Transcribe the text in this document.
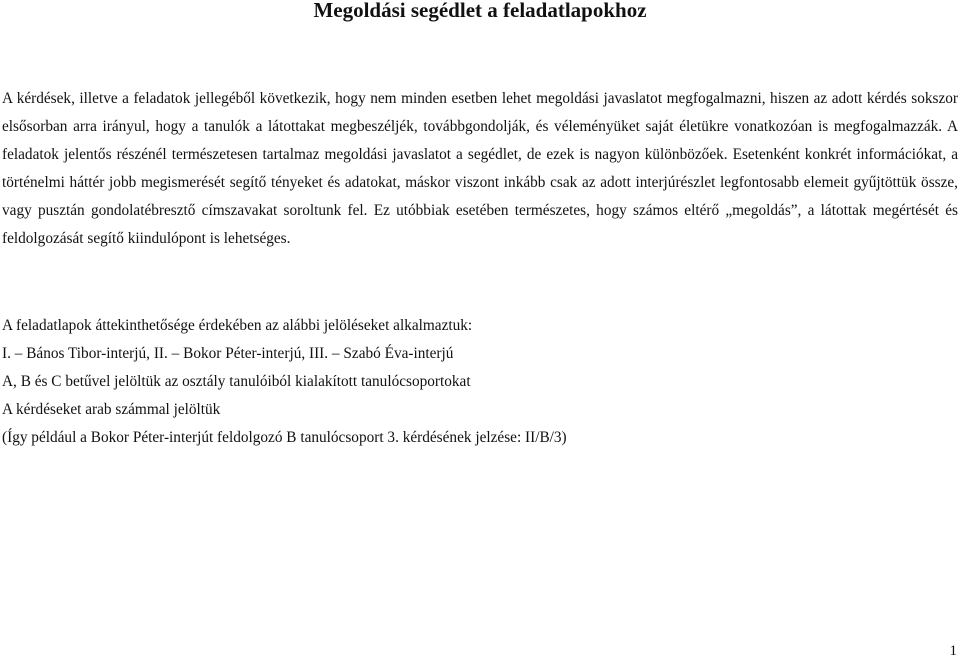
Megoldási segédlet a feladatlapokhoz

A kérdések, illetve a feladatok jellegéből következik, hogy nem minden esetben lehet megoldási javaslatot megfogalmazni, hiszen az adott kérdés sokszor elsősorban arra irányul, hogy a tanulók a látottakat megbeszéljék, továbbgondolják, és véleményüket saját életükre vonatkozóan is megfogalmazzák. A feladatok jelentős részénél természetesen tartalmaz megoldási javaslatot a segédlet, de ezek is nagyon különbözőek. Esetenként konkrét információkat, a történelmi háttér jobb megismerését segítő tényeket és adatokat, máskor viszont inkább csak az adott interjúrészlet legfontosabb elemeit gyűjtöttük össze, vagy pusztán gondolatébresztő címszavakat soroltunk fel. Ez utóbbiak esetében természetes, hogy számos eltérő „megoldás”, a látottak megértését és feldolgozását segítő kiindulópont is lehetséges.

A feladatlapok áttekinthetősége érdekében az alábbi jelöléseket alkalmaztuk:
I. – Bános Tibor-interjú, II. – Bokor Péter-interjú, III. – Szabó Éva-interjú
A, B és C betűvel jelöltük az osztály tanulóiból kialakított tanulócsoportokat
A kérdéseket arab számmal jelöltük
(Így például a Bokor Péter-interjút feldolgozó B tanulócsoport 3. kérdésének jelzése: II/B/3)
1
